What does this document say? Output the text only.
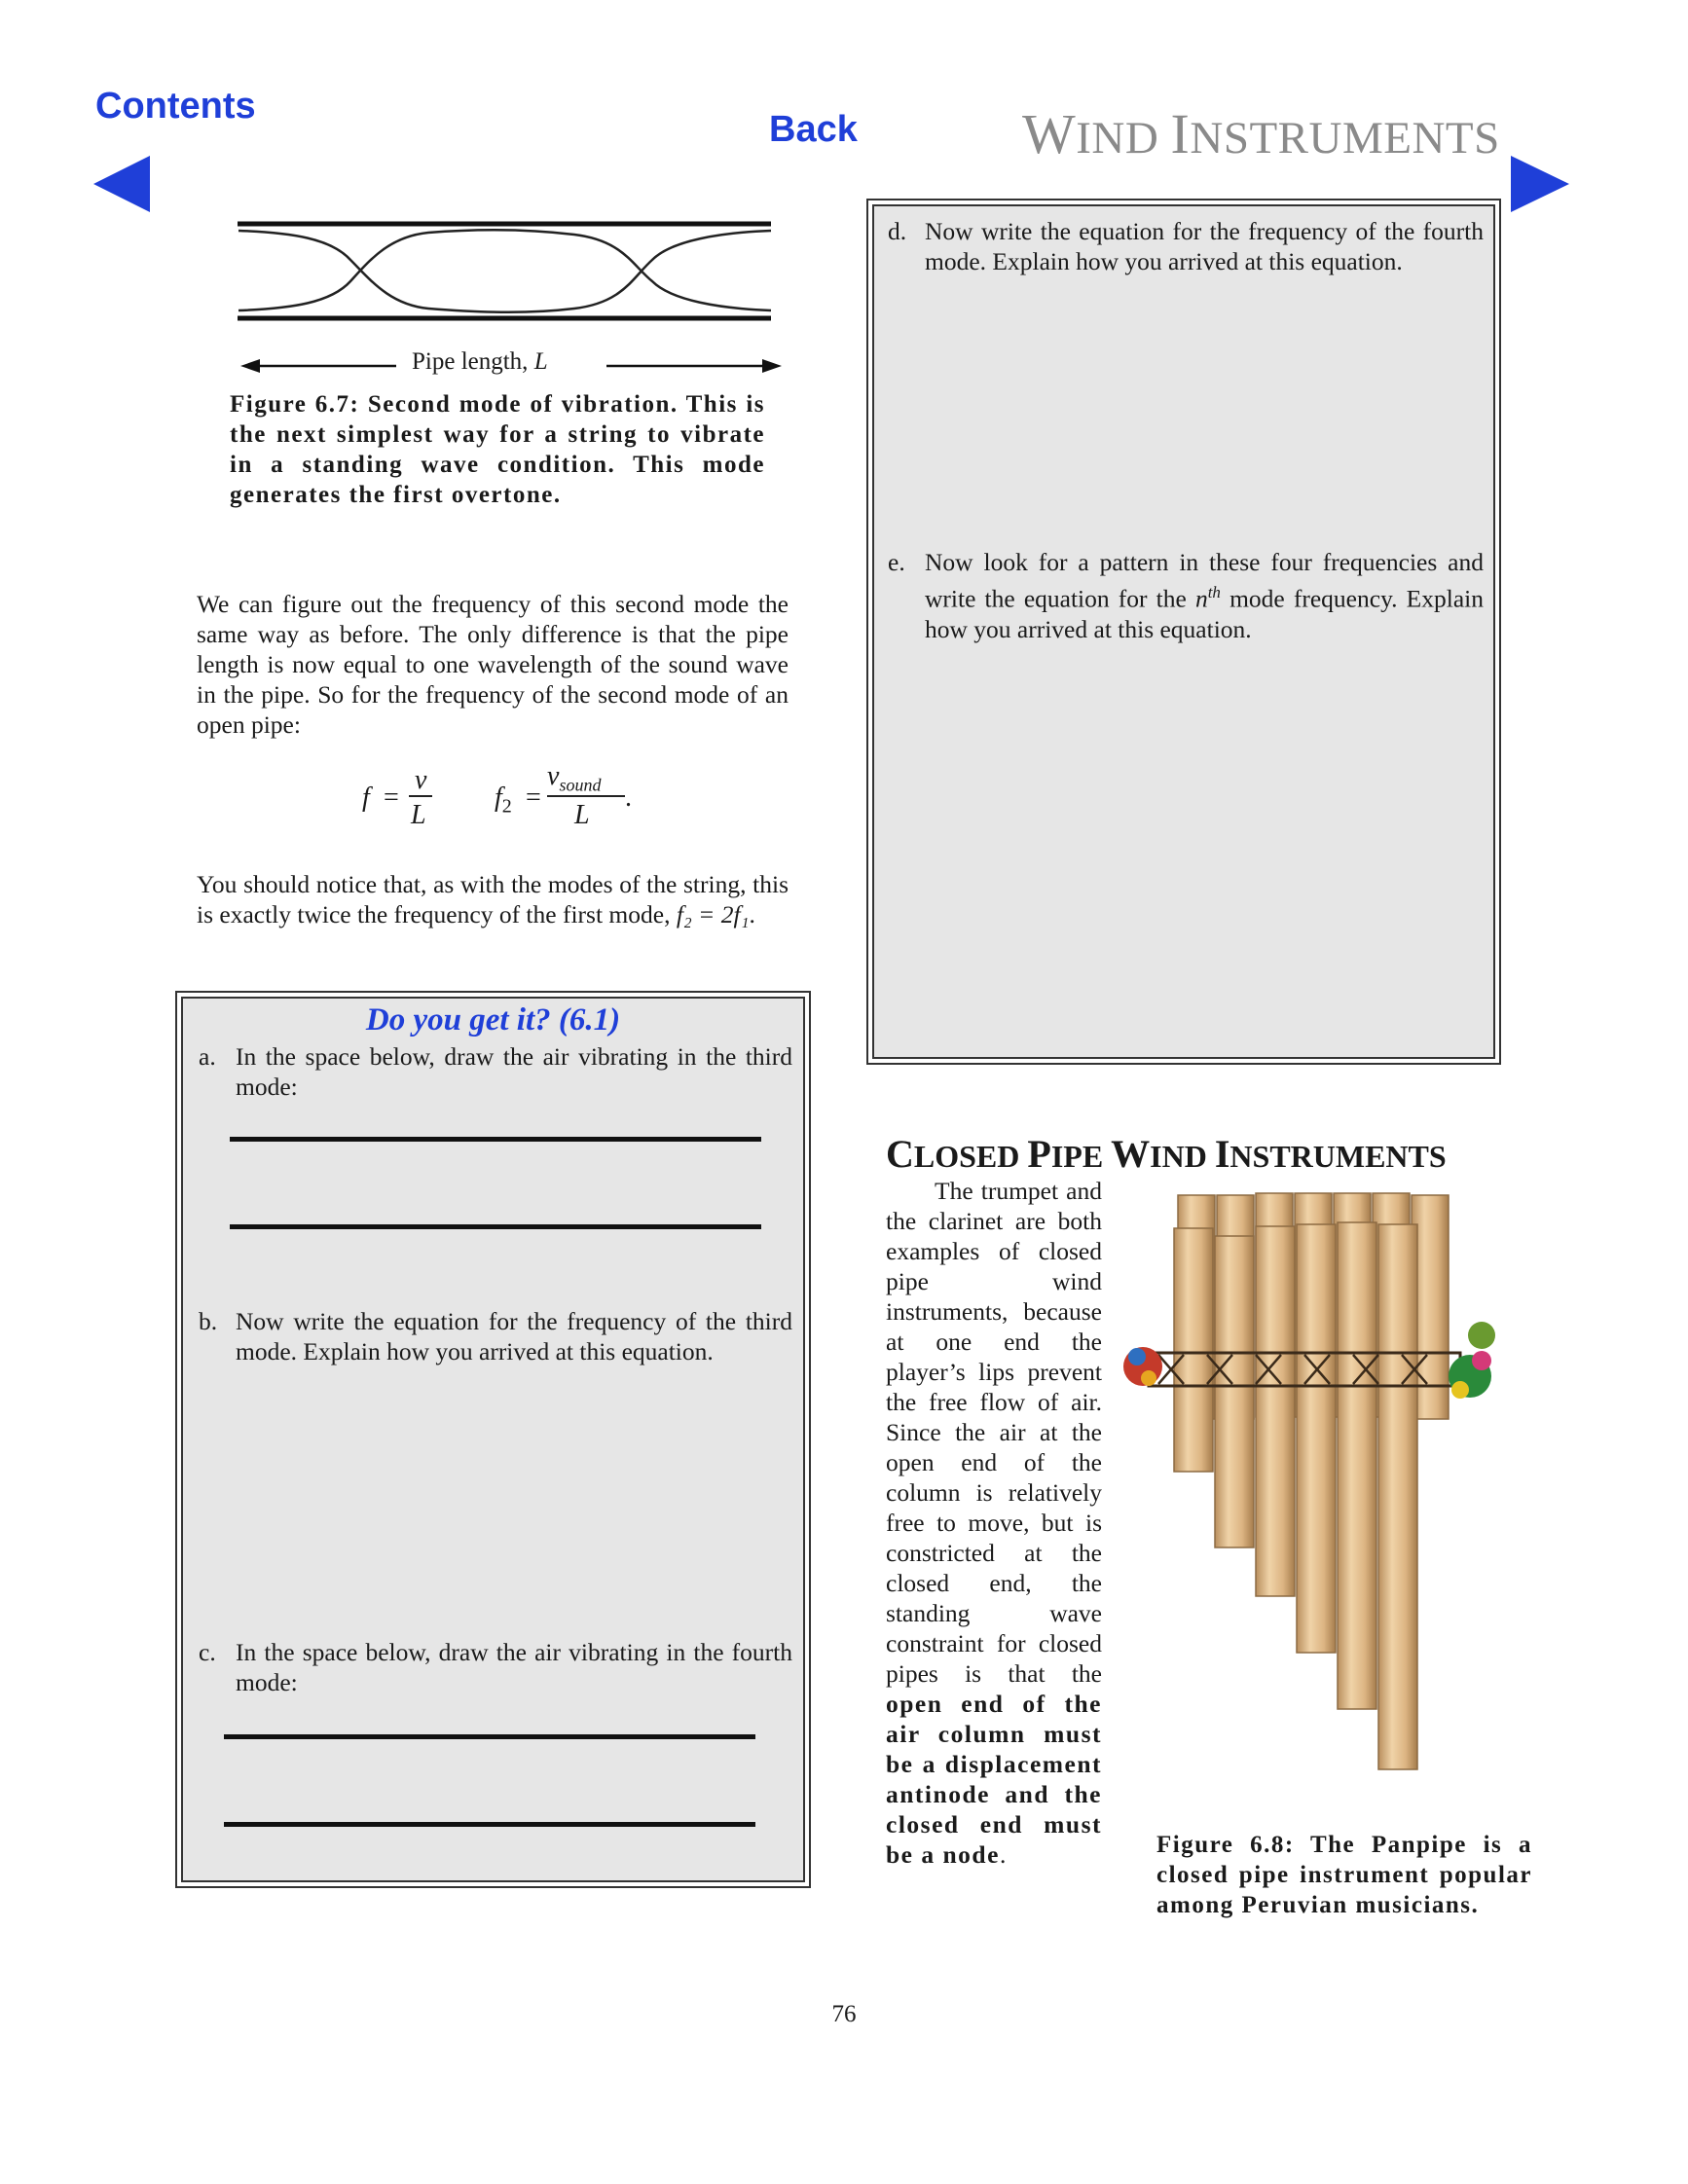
Contents
Back	WIND INSTRUMENTS
Pipe length, L
Figure 6.7: Second mode of vibration. This is the next simplest way for a string to vibrate in a standing wave condition. This mode generates the first overtone.
We can figure out the frequency of this second mode the same way as before. The only difference is that the pipe length is now equal to one wavelength of the sound wave in the pipe. So for the frequency of the second mode of an open pipe:
f =
v
L
$f_2$ =
$v_{sound}$
L
.
You should notice that, as with the modes of the string, this is exactly twice the frequency of the first mode, f₂ = 2f₁.
Do you get it? (6.1)
a. In the space below, draw the air vibrating in the third mode:
b. Now write the equation for the frequency of the third mode. Explain how you arrived at this equation.
c. In the space below, draw the air vibrating in the fourth mode:
d. Now write the equation for the frequency of the fourth mode. Explain how you arrived at this equation.
e. Now look for a pattern in these four frequencies and write the equation for the $n^{th}$ mode frequency. Explain how you arrived at this equation.
CLOSED PIPE WIND INSTRUMENTS
The trumpet and the clarinet are both examples of closed pipe wind instruments, because at one end the player’s lips prevent the free flow of air. Since the air at the open end of the column is relatively free to move, but is constricted at the closed end, the standing wave constraint for closed pipes is that the open end of the air column must be a displacement antinode and the closed end must be a node.	Figure 6.8: The Panpipe is a closed pipe instrument popular among Peruvian musicians.
76
